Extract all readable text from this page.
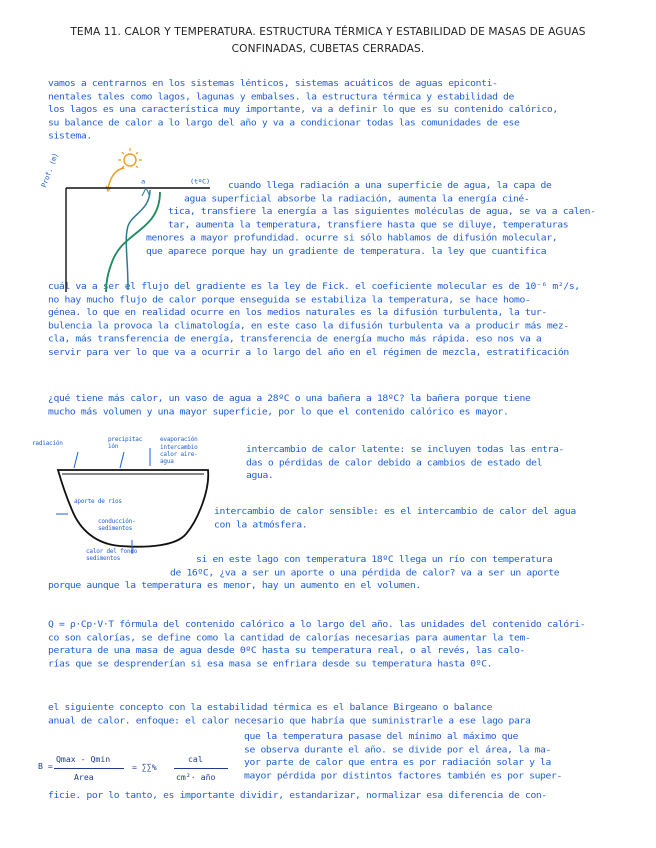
TEMA 11. CALOR Y TEMPERATURA. ESTRUCTURA TÉRMICA Y ESTABILIDAD DE MASAS DE AGUAS
CONFINADAS, CUBETAS CERRADAS.
vamos a centrarnos en los sistemas lénticos, sistemas acuáticos de aguas epiconti-
nentales tales como lagos, lagunas y embalses. la estructura térmica y estabilidad de
los lagos es una característica muy importante, va a definir lo que es su contenido calórico,
su balance de calor a lo largo del año y va a condicionar todas las comunidades de ese
sistema.
cuando llega radiación a una superficie de agua, la capa de
agua superficial absorbe la radiación, aumenta la energía ciné-
tica, transfiere la energía a las siguientes moléculas de agua, se va a calen-
tar, aumenta la temperatura, transfiere hasta que se diluye, temperaturas
menores a mayor profundidad. ocurre si sólo hablamos de difusión molecular,
que aparece porque hay un gradiente de temperatura. la ley que cuantifica
cuál va a ser el flujo del gradiente es la ley de Fick. el coeficiente molecular es de 10⁻⁶ m²/s,
no hay mucho flujo de calor porque enseguida se estabiliza la temperatura, se hace homo-
génea. lo que en realidad ocurre en los medios naturales es la difusión turbulenta, la tur-
bulencia la provoca la climatología, en este caso la difusión turbulenta va a producir más mez-
cla, más transferencia de energía, transferencia de energía mucho más rápida. eso nos va a
servir para ver lo que va a ocurrir a lo largo del año en el régimen de mezcla, estratificación
¿qué tiene más calor, un vaso de agua a 28ºC o una bañera a 18ºC? la bañera porque tiene
mucho más volumen y una mayor superficie, por lo que el contenido calórico es mayor.
intercambio de calor latente: se incluyen todas las entra-
das o pérdidas de calor debido a cambios de estado del
agua.
intercambio de calor sensible: es el intercambio de calor del agua
con la atmósfera.
si en este lago con temperatura 18ºC llega un río con temperatura
de 16ºC, ¿va a ser un aporte o una pérdida de calor? va a ser un aporte
porque aunque la temperatura es menor, hay un aumento en el volumen.
Q = ρ·Cp·V·T fórmula del contenido calórico a lo largo del año. las unidades del contenido calóri-
co son calorías, se define como la cantidad de calorías necesarias para aumentar la tem-
peratura de una masa de agua desde 0ºC hasta su temperatura real, o al revés, las calo-
rías que se desprenderían si esa masa se enfriara desde su temperatura hasta 0ºC.
el siguiente concepto con la estabilidad térmica es el balance Birgeano o balance
anual de calor. enfoque: el calor necesario que habría que suministrarle a ese lago para
que la temperatura pasase del mínimo al máximo que
se observa durante el año. se divide por el área, la ma-
yor parte de calor que entra es por radiación solar y la
mayor pérdida por distintos factores también es por super-
ficie. por lo tanto, es importante dividir, estandarizar, normalizar esa diferencia de con-
B =
Qmax - Qmin
Area
= ∑∑%
cal
cm²· año
Prof. (m)	(tºC)
a
radiación
precipitación	intercambio calor aire-agua
evaporación
aporte de ríos
conducción-sedimentos
calor del fondo sedimentos
